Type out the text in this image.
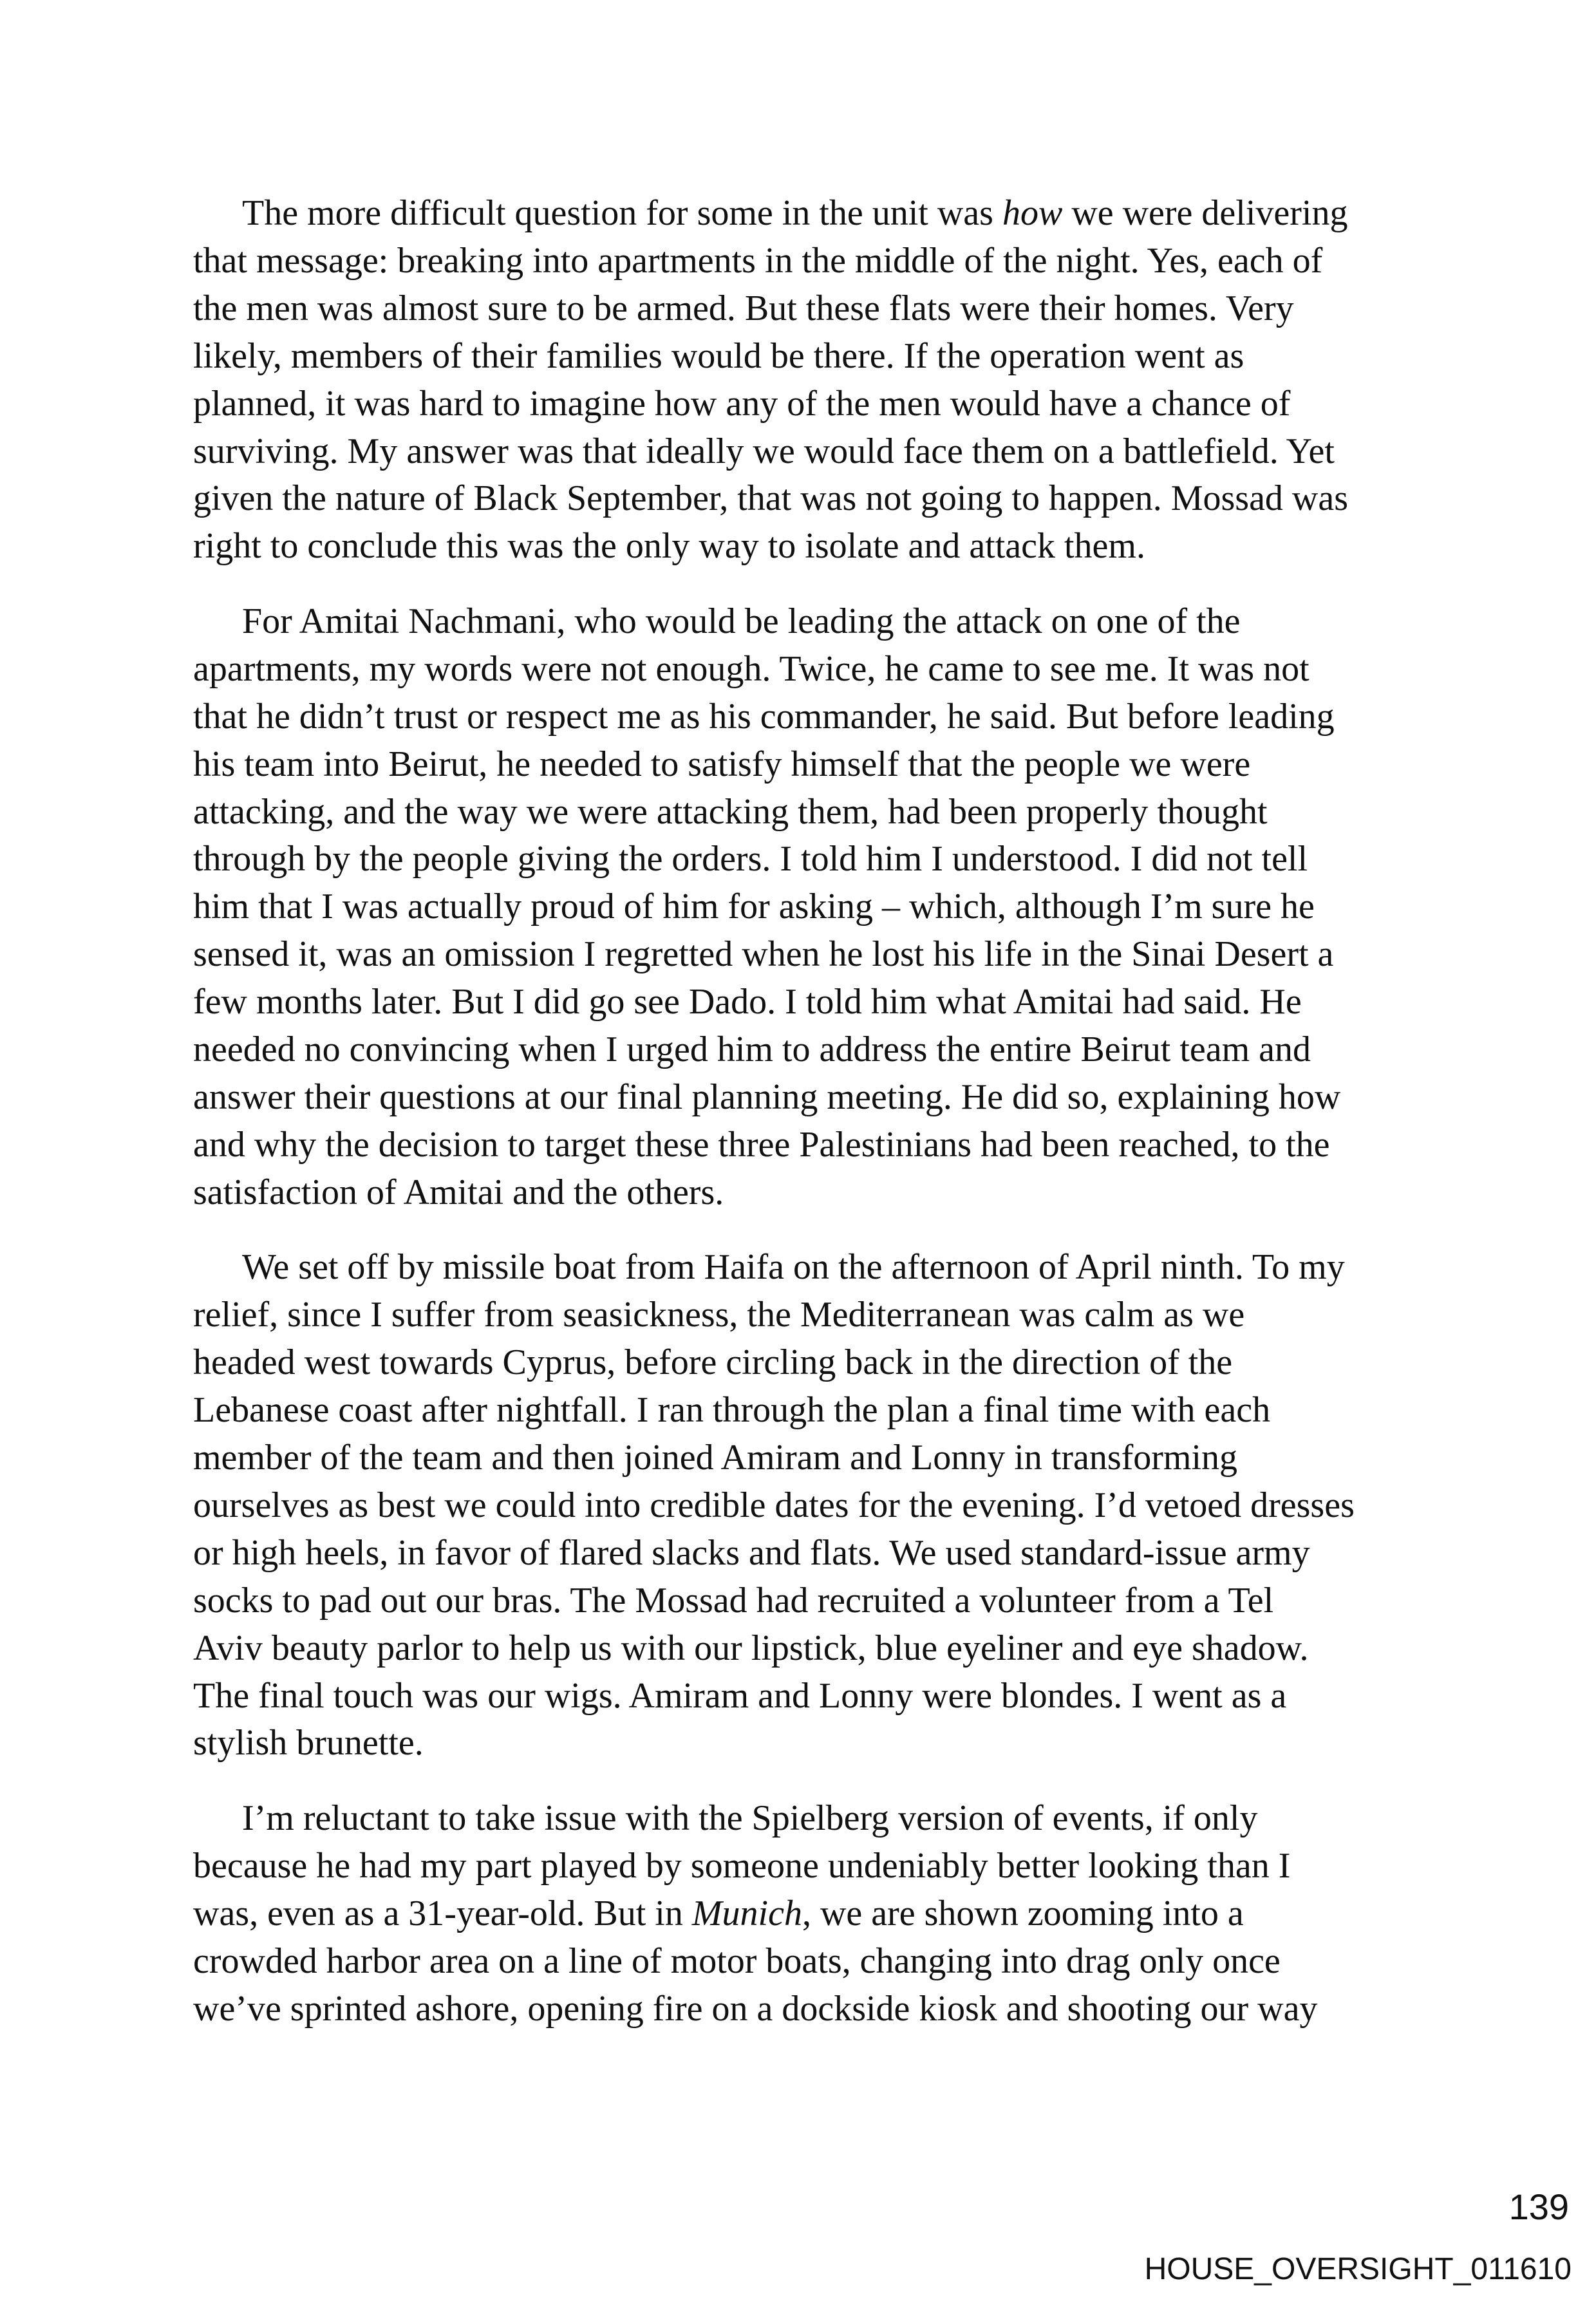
The more difficult question for some in the unit was how we were delivering
that message: breaking into apartments in the middle of the night. Yes, each of
the men was almost sure to be armed. But these flats were their homes. Very
likely, members of their families would be there. If the operation went as
planned, it was hard to imagine how any of the men would have a chance of
surviving. My answer was that ideally we would face them on a battlefield. Yet
given the nature of Black September, that was not going to happen. Mossad was
right to conclude this was the only way to isolate and attack them.

For Amitai Nachmani, who would be leading the attack on one of the
apartments, my words were not enough. Twice, he came to see me. It was not
that he didn’t trust or respect me as his commander, he said. But before leading
his team into Beirut, he needed to satisfy himself that the people we were
attacking, and the way we were attacking them, had been properly thought
through by the people giving the orders. I told him I understood. I did not tell
him that I was actually proud of him for asking – which, although I’m sure he
sensed it, was an omission I regretted when he lost his life in the Sinai Desert a
few months later. But I did go see Dado. I told him what Amitai had said. He
needed no convincing when I urged him to address the entire Beirut team and
answer their questions at our final planning meeting. He did so, explaining how
and why the decision to target these three Palestinians had been reached, to the
satisfaction of Amitai and the others.

We set off by missile boat from Haifa on the afternoon of April ninth. To my
relief, since I suffer from seasickness, the Mediterranean was calm as we
headed west towards Cyprus, before circling back in the direction of the
Lebanese coast after nightfall. I ran through the plan a final time with each
member of the team and then joined Amiram and Lonny in transforming
ourselves as best we could into credible dates for the evening. I’d vetoed dresses
or high heels, in favor of flared slacks and flats. We used standard-issue army
socks to pad out our bras. The Mossad had recruited a volunteer from a Tel
Aviv beauty parlor to help us with our lipstick, blue eyeliner and eye shadow.
The final touch was our wigs. Amiram and Lonny were blondes. I went as a
stylish brunette.

I’m reluctant to take issue with the Spielberg version of events, if only
because he had my part played by someone undeniably better looking than I
was, even as a 31-year-old. But in Munich, we are shown zooming into a
crowded harbor area on a line of motor boats, changing into drag only once
we’ve sprinted ashore, opening fire on a dockside kiosk and shooting our way

139
HOUSE_OVERSIGHT_011610
